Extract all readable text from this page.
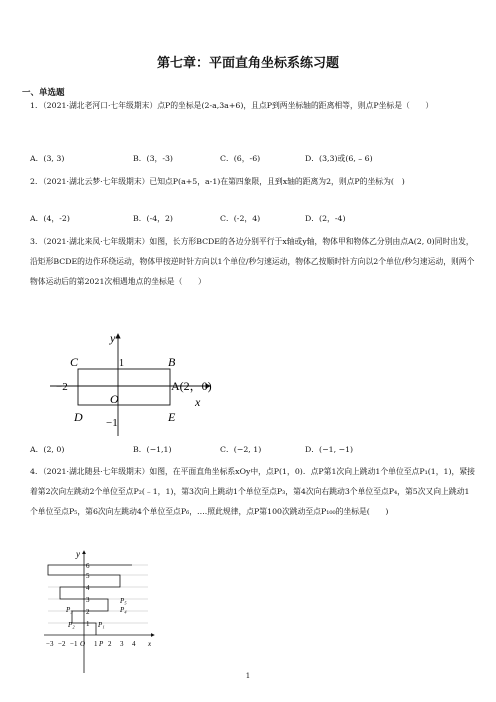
第七章：平面直角坐标系练习题
一、单选题
1．（2021·湖北老河口·七年级期末）点P的坐标是(2-a,3a+6)，且点P到两坐标轴的距离相等，则点P坐标是（　　）
A．(3, 3)	B．(3，-3)	C．(6，-6)	D．(3,3)或(6, – 6)
2．（2021·湖北云梦·七年级期末）已知点P(a+5，a-1)在第四象限，且到x轴的距离为2，则点P的坐标为(　)
A．(4，-2)	B．(-4，2)	C．(-2，4)	D．(2，-4)
3．（2021·湖北来凤·七年级期末）如图，长方形BCDE的各边分别平行于x轴或y轴，物体甲和物体乙分别由点A(2, 0)同时出发，沿矩形BCDE的边作环绕运动，物体甲按逆时针方向以1个单位/秒匀速运动，物体乙按顺时针方向以2个单位/秒匀速运动，则两个物体运动后的第2021次相遇地点的坐标是（　　）
y
1
C	B
−2	A(2，0)
O	x
D −1	E
A．(2, 0)	B．(−1,1)	C．(−2, 1)	D．(−1, −1)
4．（2021·湖北随县·七年级期末）如图，在平面直角坐标系xOy中，点P(1，0)．点P第1次向上跳动1个单位至点P₁(1，1)，紧接着第2次向左跳动2个单位至点P₂(﹣1，1)，第3次向上跳动1个单位至点P₃，第4次向右跳动3个单位至点P₄，第5次又向上跳动1个单位至点P₅，第6次向左跳动4个单位至点P₆，….照此规律，点P第100次跳动至点P₁₀₀的坐标是(　　)
y
6
5
4
3
2
1
P₅
P₄
P₃
P₂	P₁
−3 −2 −1 O 1 P 2 3 4 x
1
